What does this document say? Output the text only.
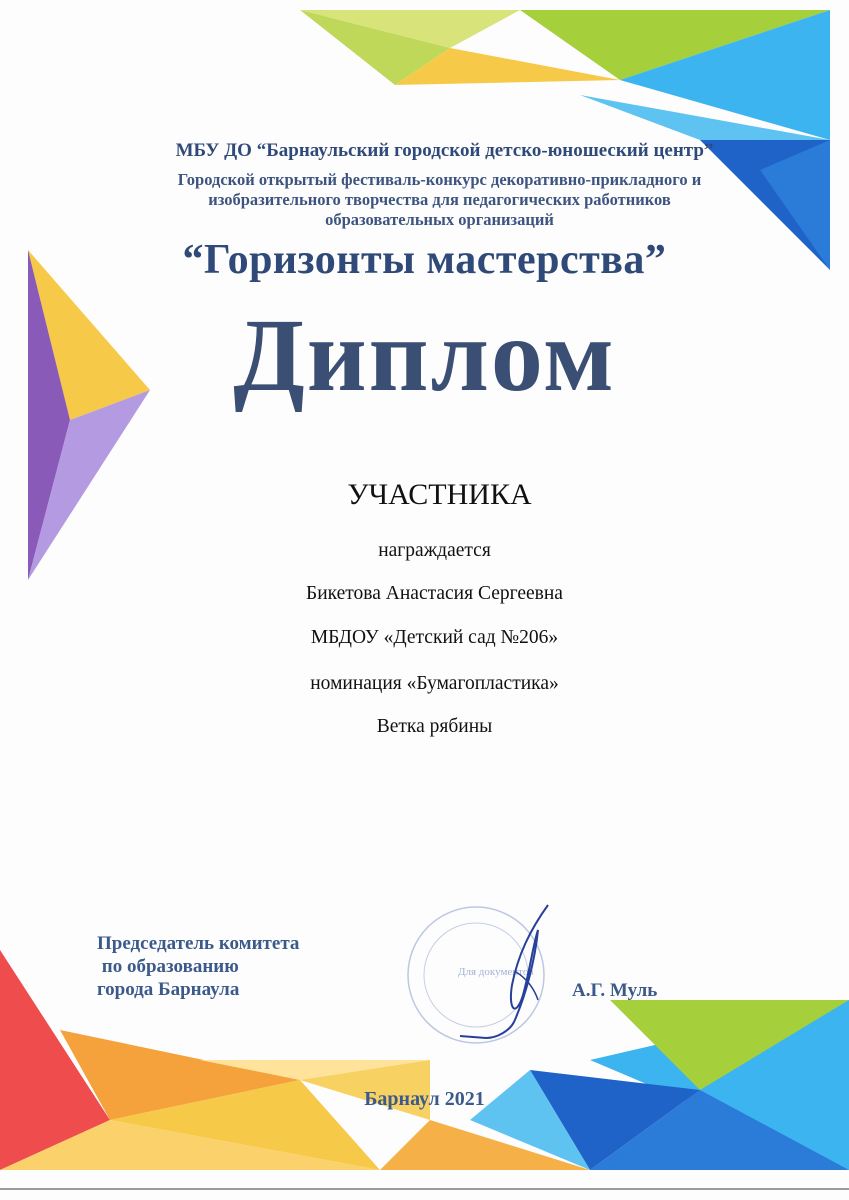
МБУ ДО “Барнаульский городской детско-юношеский центр”

Городской открытый фестиваль-конкурс декоративно-прикладного и
изобразительного творчества для педагогических работников
образовательных организаций

“Горизонты мастерства”

Диплом

УЧАСТНИКА

награждается

Бикетова Анастасия Сергеевна

МБДОУ «Детский сад №206»

номинация «Бумагопластика»

Ветка рябины

Председатель комитета
по образованию
города Барнаула
Для документов
А.Г. Муль
Барнаул 2021
